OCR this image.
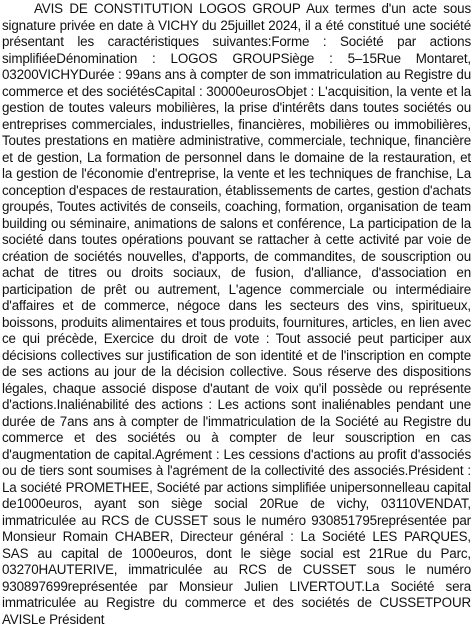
AVIS DE CONSTITUTION LOGOS GROUP Aux termes d'un acte sous signature privée en date à VICHY du 25juillet 2024, il a été constitué une société présentant les caractéristiques suivantes:Forme : Société par actions simplifiéeDénomination : LOGOS GROUPSiège : 5–15Rue Montaret, 03200VICHYDurée : 99ans ans à compter de son immatriculation au Registre du commerce et des sociétésCapital : 30000eurosObjet : L'acquisition, la vente et la gestion de toutes valeurs mobilières, la prise d'intérêts dans toutes sociétés ou entreprises commerciales, industrielles, financières, mobilières ou immobilières, Toutes prestations en matière administrative, commerciale, technique, financière et de gestion, La formation de personnel dans le domaine de la restauration, et la gestion de l'économie d'entreprise, la vente et les techniques de franchise, La conception d'espaces de restauration, établissements de cartes, gestion d'achats groupés, Toutes activités de conseils, coaching, formation, organisation de team building ou séminaire, animations de salons et conférence, La participation de la société dans toutes opérations pouvant se rattacher à cette activité par voie de création de sociétés nouvelles, d'apports, de commandites, de souscription ou achat de titres ou droits sociaux, de fusion, d'alliance, d'association en participation de prêt ou autrement, L'agence commerciale ou intermédiaire d'affaires et de commerce, négoce dans les secteurs des vins, spiritueux, boissons, produits alimentaires et tous produits, fournitures, articles, en lien avec ce qui précède, Exercice du droit de vote : Tout associé peut participer aux décisions collectives sur justification de son identité et de l'inscription en compte de ses actions au jour de la décision collective. Sous réserve des dispositions légales, chaque associé dispose d'autant de voix qu'il possède ou représente d'actions.Inaliénabilité des actions : Les actions sont inaliénables pendant une durée de 7ans ans à compter de l'immatriculation de la Société au Registre du commerce et des sociétés ou à compter de leur souscription en cas d'augmentation de capital.Agrément : Les cessions d'actions au profit d'associés ou de tiers sont soumises à l'agrément de la collectivité des associés.Président : La société PROMETHEE, Société par actions simplifiée unipersonnelleau capital de1000euros, ayant son siège social 20Rue de vichy, 03110VENDAT, immatriculée au RCS de CUSSET sous le numéro 930851795représentée par Monsieur Romain CHABER, Directeur général : La Société LES PARQUES, SAS au capital de 1000euros, dont le siège social est 21Rue du Parc, 03270HAUTERIVE, immatriculée au RCS de CUSSET sous le numéro 930897699représentée par Monsieur Julien LIVERTOUT.La Société sera immatriculée au Registre du commerce et des sociétés de CUSSETPOUR AVISLe Président
